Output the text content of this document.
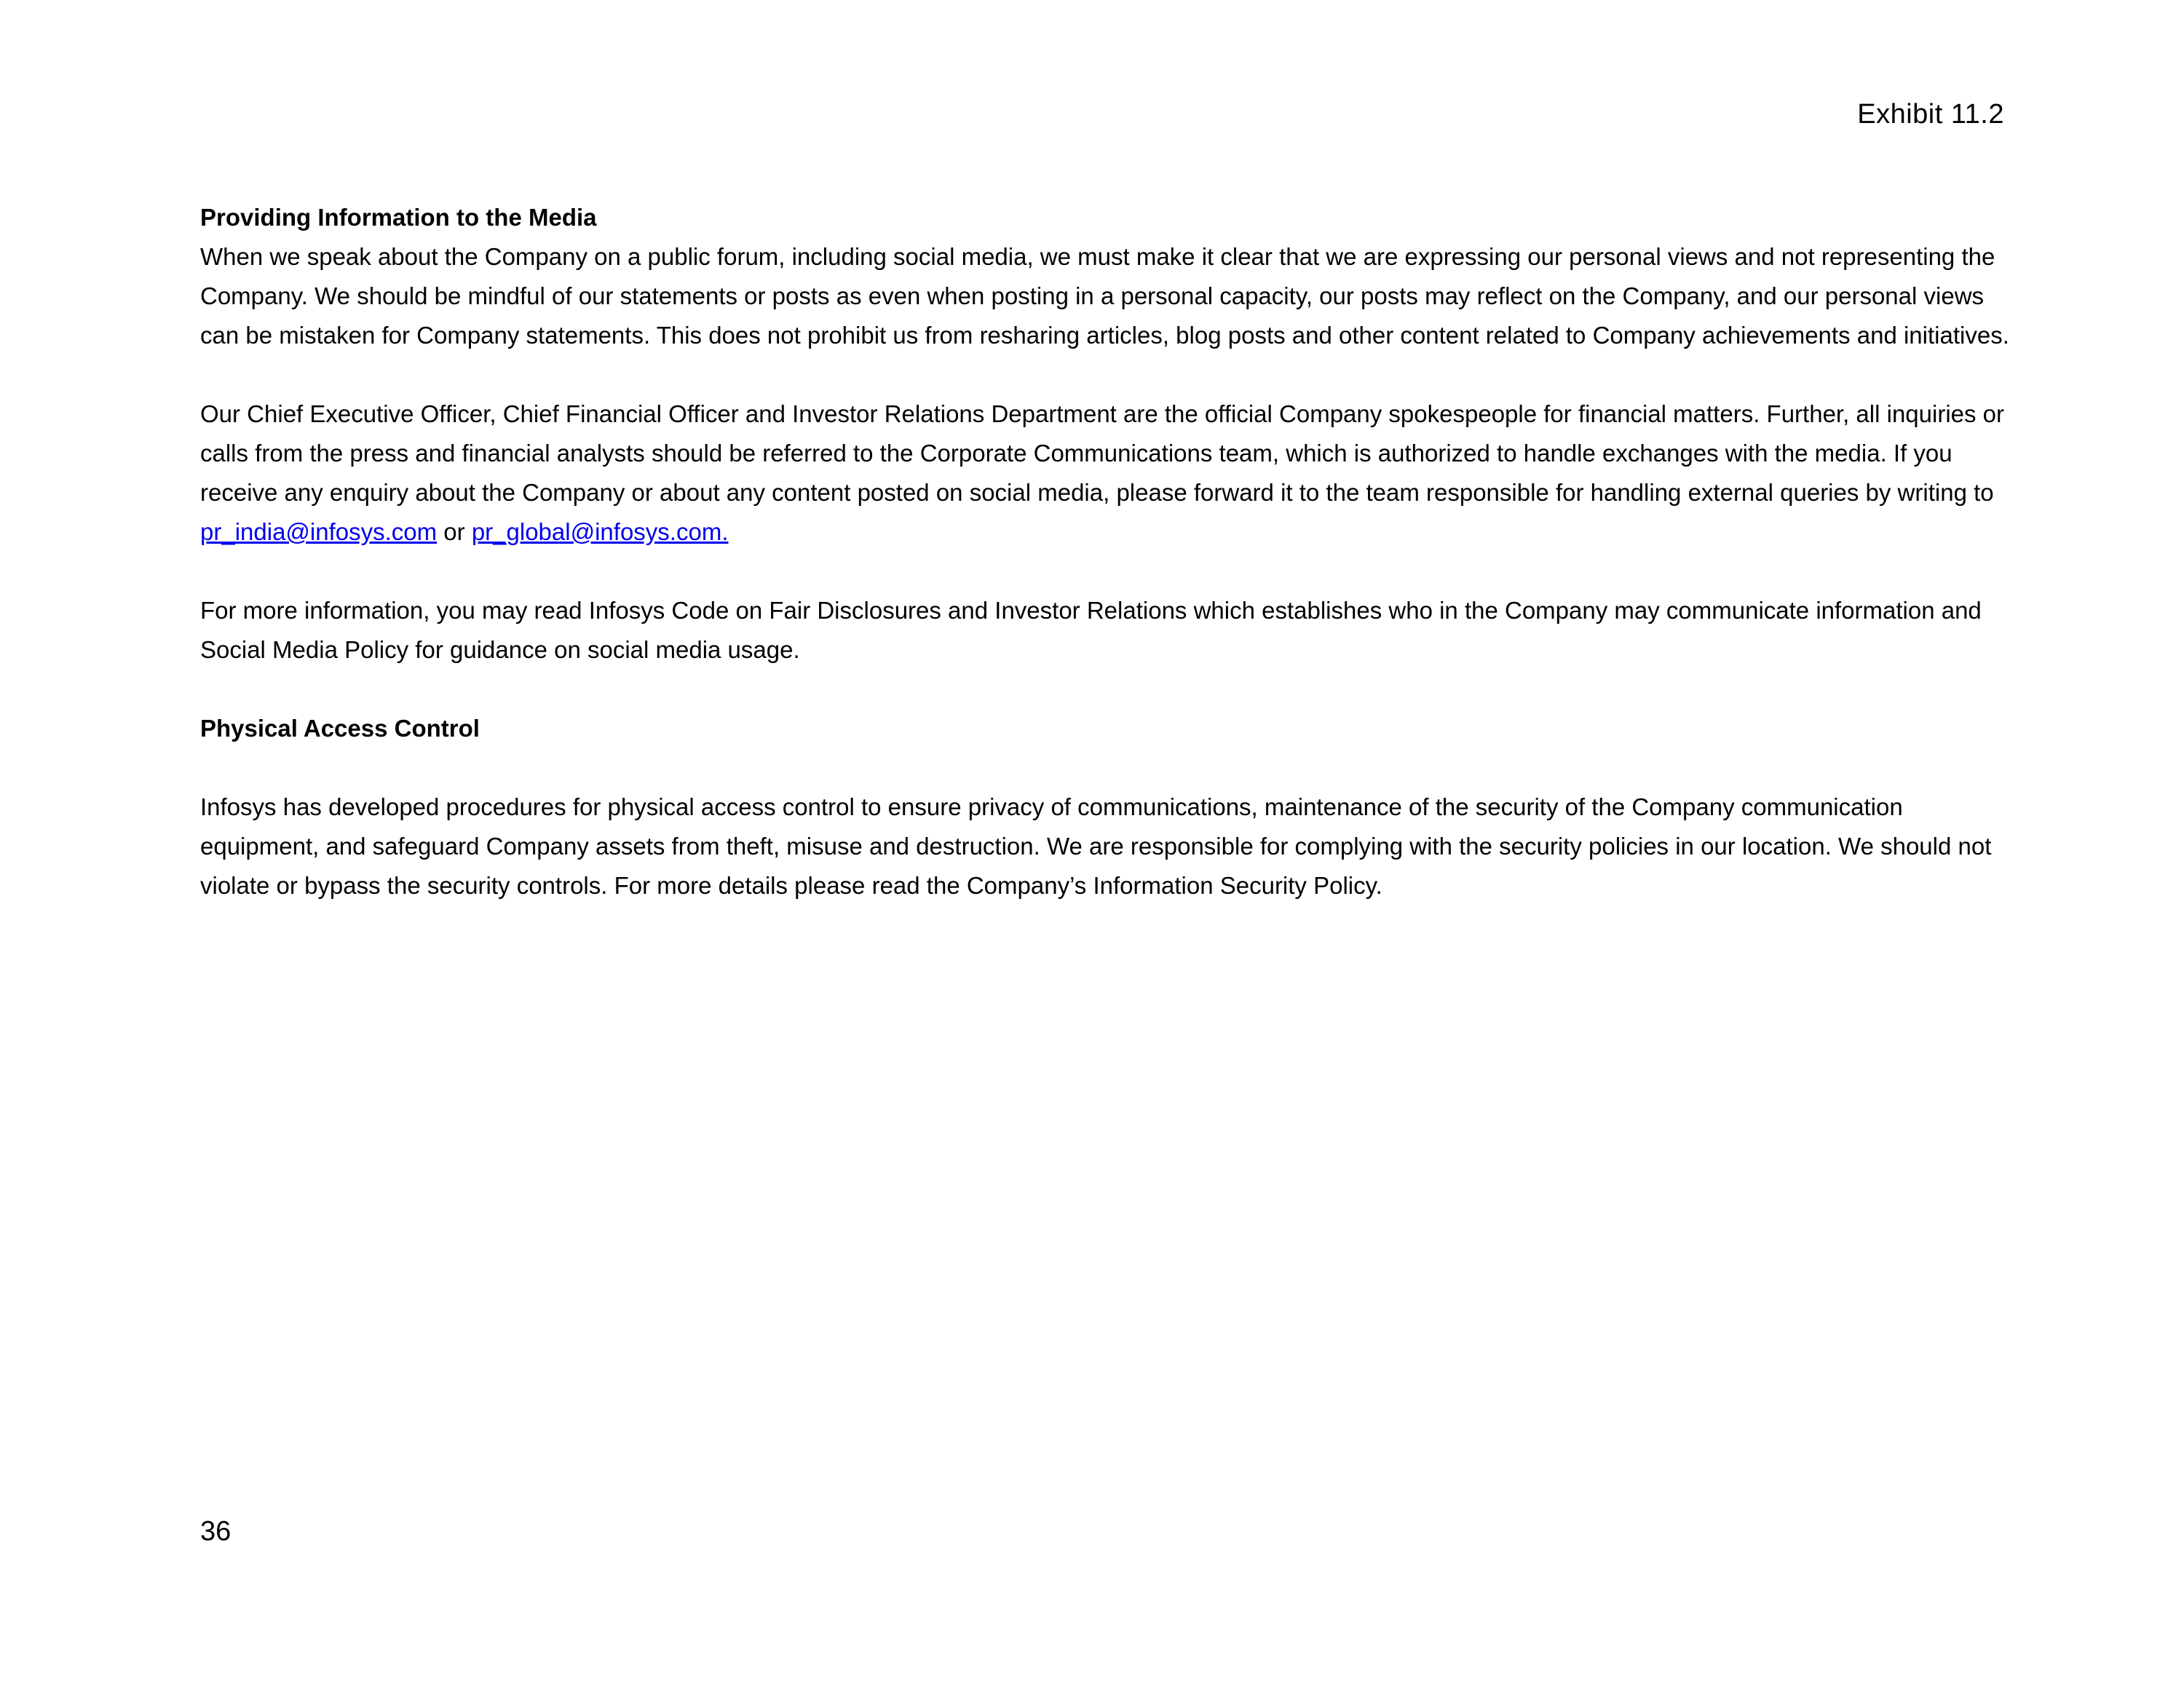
Exhibit 11.2

Providing Information to the Media

When we speak about the Company on a public forum, including social media, we must make it clear that we are expressing our personal views and not representing the Company. We should be mindful of our statements or posts as even when posting in a personal capacity, our posts may reflect on the Company, and our personal views can be mistaken for Company statements. This does not prohibit us from resharing articles, blog posts and other content related to Company achievements and initiatives.

Our Chief Executive Officer, Chief Financial Officer and Investor Relations Department are the official Company spokespeople for financial matters. Further, all inquiries or calls from the press and financial analysts should be referred to the Corporate Communications team, which is authorized to handle exchanges with the media. If you receive any enquiry about the Company or about any content posted on social media, please forward it to the team responsible for handling external queries by writing to pr_india@infosys.com or pr_global@infosys.com.

For more information, you may read Infosys Code on Fair Disclosures and Investor Relations which establishes who in the Company may communicate information and Social Media Policy for guidance on social media usage.

Physical Access Control

Infosys has developed procedures for physical access control to ensure privacy of communications, maintenance of the security of the Company communication equipment, and safeguard Company assets from theft, misuse and destruction. We are responsible for complying with the security policies in our location. We should not violate or bypass the security controls. For more details please read the Company’s Information Security Policy.

36
